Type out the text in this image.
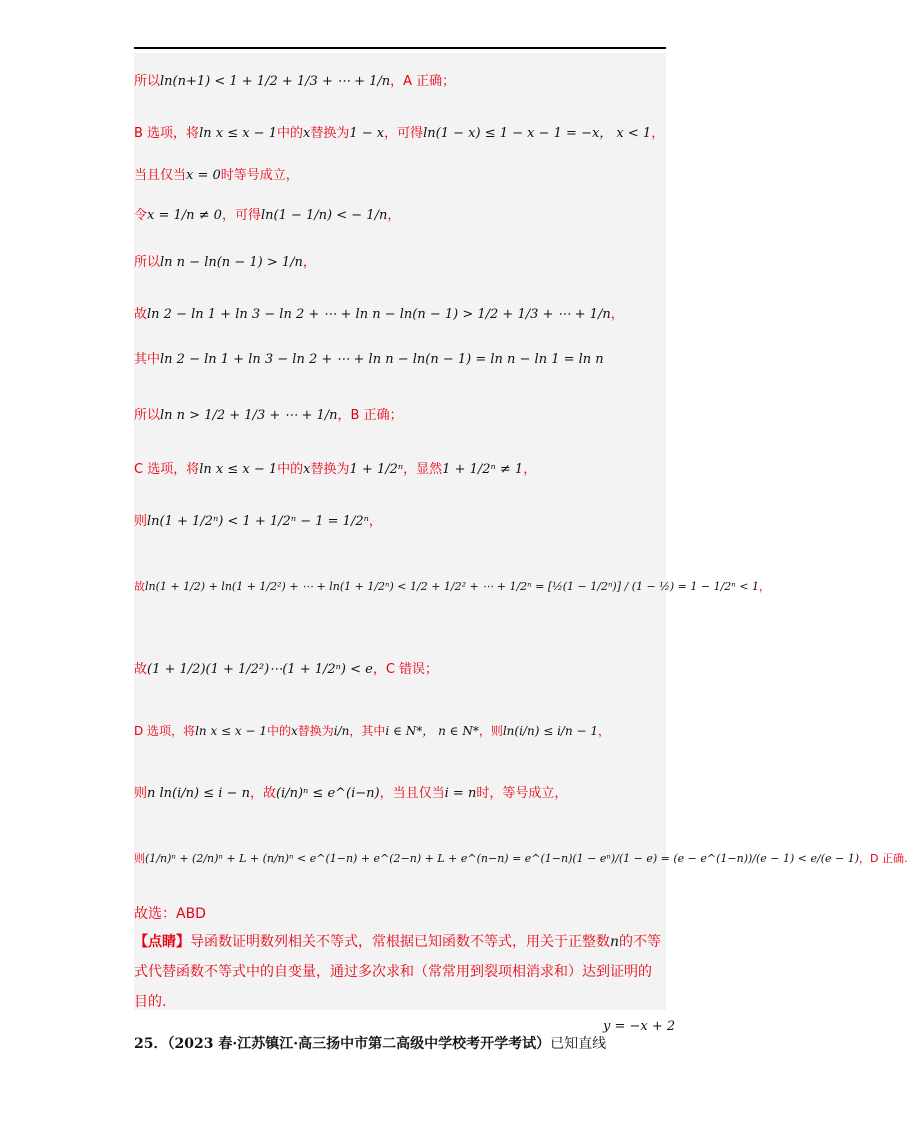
所以ln(n+1) < 1 + 1/2 + 1/3 + ⋯ + 1/n，A 正确；
B 选项，将ln x ≤ x − 1中的x替换为1 − x，可得ln(1 − x) ≤ 1 − x − 1 = −x， x < 1，
当且仅当x = 0时等号成立，
令x = 1/n ≠ 0，可得ln(1 − 1/n) < − 1/n，
所以ln n − ln(n − 1) > 1/n，
故ln 2 − ln 1 + ln 3 − ln 2 + ⋯ + ln n − ln(n − 1) > 1/2 + 1/3 + ⋯ + 1/n，
其中ln 2 − ln 1 + ln 3 − ln 2 + ⋯ + ln n − ln(n − 1) = ln n − ln 1 = ln n
所以ln n > 1/2 + 1/3 + ⋯ + 1/n，B 正确；
C 选项，将ln x ≤ x − 1中的x替换为1 + 1/2ⁿ，显然1 + 1/2ⁿ ≠ 1，
则ln(1 + 1/2ⁿ) < 1 + 1/2ⁿ − 1 = 1/2ⁿ，
故ln(1 + 1/2) + ln(1 + 1/2²) + ⋯ + ln(1 + 1/2ⁿ) < 1/2 + 1/2² + ⋯ + 1/2ⁿ = [½(1 − 1/2ⁿ)] / (1 − ½) = 1 − 1/2ⁿ < 1，
故(1 + 1/2)(1 + 1/2²)⋯(1 + 1/2ⁿ) < e，C 错误；
D 选项，将ln x ≤ x − 1中的x替换为i/n，其中i ∈ N*， n ∈ N*，则ln(i/n) ≤ i/n − 1，
则n ln(i/n) ≤ i − n，故(i/n)ⁿ ≤ e^(i−n)，当且仅当i = n时，等号成立，
则(1/n)ⁿ + (2/n)ⁿ + L + (n/n)ⁿ < e^(1−n) + e^(2−n) + L + e^(n−n) = e^(1−n)(1 − eⁿ)/(1 − e) = (e − e^(1−n))/(e − 1) < e/(e − 1)，D 正确.
故选：ABD
【点睛】导函数证明数列相关不等式，常根据已知函数不等式，用关于正整数n的不等式代替函数不等式中的自变量，通过多次求和（常常用到裂项相消求和）达到证明的目的.
25．（2023 春·江苏镇江·高三扬中市第二高级中学校考开学考试）已知直线
y = −x + 2
